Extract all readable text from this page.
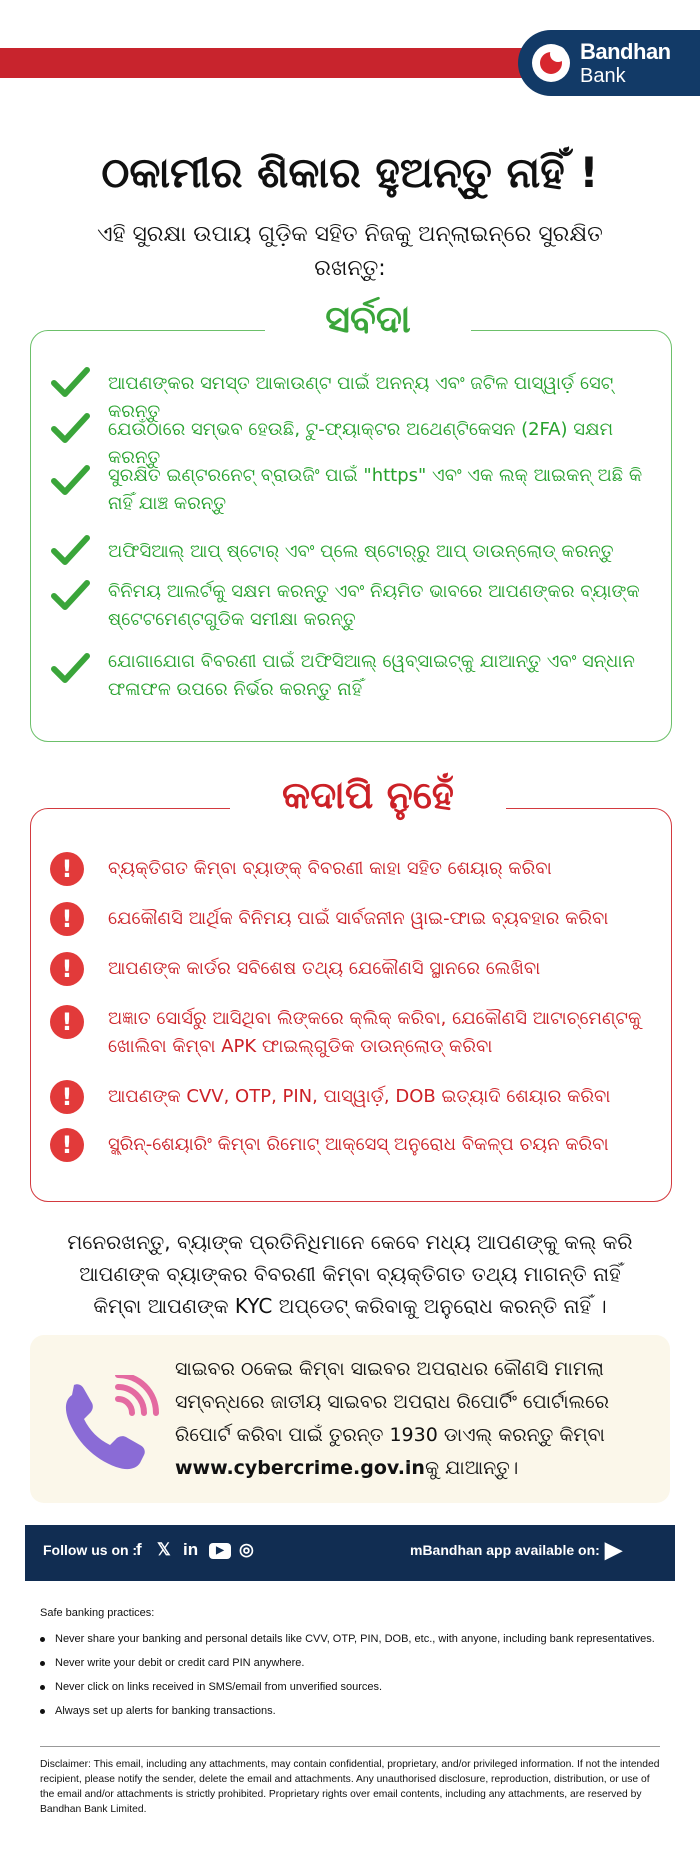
Bandhan
Bank
ଠକାମୀର ଶିକାର ହୁଅନ୍ତୁ ନାହିଁ !
ଏହି ସୁରକ୍ଷା ଉପାୟ ଗୁଡ଼ିକ ସହିତ ନିଜକୁ ଅନ୍‌ଲାଇନ୍‌ରେ ସୁରକ୍ଷିତ ରଖନ୍ତୁ:
ସର୍ବଦା
ଆପଣଙ୍କର ସମସ୍ତ ଆକାଉଣ୍ଟ ପାଇଁ ଅନନ୍ୟ ଏବଂ ଜଟିଳ ପାସ୍‌ୱାର୍ଡ଼ ସେଟ୍ କରନ୍ତୁ
ଯେଉଁଠାରେ ସମ୍ଭବ ହେଉଛି, ଟୁ-ଫ୍ୟାକ୍ଟର ଅଥେଣ୍ଟିକେସନ (2FA) ସକ୍ଷମ କରନ୍ତୁ
ସୁରକ୍ଷିତ ଇଣ୍ଟରନେଟ୍ ବ୍ରାଉଜିଂ ପାଇଁ "https" ଏବଂ ଏକ ଲକ୍ ଆଇକନ୍ ଅଛି କି ନାହିଁ ଯାଞ୍ଚ କରନ୍ତୁ
ଅଫିସିଆଲ୍ ଆପ୍ ଷ୍ଟୋର୍ ଏବଂ ପ୍ଲେ ଷ୍ଟୋର୍‌ରୁ ଆପ୍ ଡାଉନ୍‌ଲୋଡ୍ କରନ୍ତୁ
ବିନିମୟ ଆଲର୍ଟକୁ ସକ୍ଷମ କରନ୍ତୁ ଏବଂ ନିୟମିତ ଭାବରେ ଆପଣଙ୍କର ବ୍ୟାଙ୍କ ଷ୍ଟେଟମେଣ୍ଟଗୁଡିକ ସମୀକ୍ଷା କରନ୍ତୁ
ଯୋଗାଯୋଗ ବିବରଣୀ ପାଇଁ ଅଫିସିଆଲ୍ ୱେବ୍‌ସାଇଟ୍‌କୁ ଯାଆନ୍ତୁ ଏବଂ ସନ୍ଧାନ ଫଳାଫଳ ଉପରେ ନିର୍ଭର କରନ୍ତୁ ନାହିଁ
କଦାପି ନୁହେଁ
!	ବ୍ୟକ୍ତିଗତ କିମ୍ବା ବ୍ୟାଙ୍କ୍ ବିବରଣୀ କାହା ସହିତ ଶେୟାର୍ କରିବା
!	ଯେକୌଣସି ଆର୍ଥିକ ବିନିମୟ ପାଇଁ ସାର୍ବଜନୀନ ୱାଇ-ଫାଇ ବ୍ୟବହାର କରିବା
!	ଆପଣଙ୍କ କାର୍ଡର ସବିଶେଷ ତଥ୍ୟ ଯେକୌଣସି ସ୍ଥାନରେ ଲେଖିବା
!	ଅଜ୍ଞାତ ସୋର୍ସରୁ ଆସିଥିବା ଲିଙ୍କରେ କ୍ଲିକ୍ କରିବା, ଯେକୌଣସି ଆଟାଚ୍‌ମେଣ୍ଟକୁ ଖୋଲିବା କିମ୍ବା APK ଫାଇଲ୍‌ଗୁଡିକ ଡାଉନ୍‌ଲୋଡ୍ କରିବା
!	ଆପଣଙ୍କ CVV, OTP, PIN, ପାସ୍‌ୱାର୍ଡ଼, DOB ଇତ୍ୟାଦି ଶେୟାର କରିବା
!	ସ୍କ୍ରିନ୍-ଶେୟାରିଂ କିମ୍ବା ରିମୋଟ୍ ଆକ୍ସେସ୍ ଅନୁରୋଧ ବିକଳ୍ପ ଚୟନ କରିବା
ମନେରଖନ୍ତୁ, ବ୍ୟାଙ୍କ ପ୍ରତିନିଧିମାନେ କେବେ ମଧ୍ୟ ଆପଣଙ୍କୁ କଲ୍ କରି ଆପଣଙ୍କ ବ୍ୟାଙ୍କର ବିବରଣୀ କିମ୍ବା ବ୍ୟକ୍ତିଗତ ତଥ୍ୟ ମାଗନ୍ତି ନାହିଁ କିମ୍ବା ଆପଣଙ୍କ KYC ଅପ୍‌ଡେଟ୍ କରିବାକୁ ଅନୁରୋଧ କରନ୍ତି ନାହିଁ ।
ସାଇବର ଠକେଇ କିମ୍ବା ସାଇବର ଅପରାଧର କୌଣସି ମାମଲା ସମ୍ବନ୍ଧରେ ଜାତୀୟ ସାଇବର ଅପରାଧ ରିପୋର୍ଟିଂ ପୋର୍ଟାଲରେ ରିପୋର୍ଟ କରିବା ପାଇଁ ତୁରନ୍ତ 1930 ଡାଏଲ୍ କରନ୍ତୁ କିମ୍ବା www.cybercrime.gov.inକୁ ଯାଆନ୍ତୁ।
Follow us on :
f 𝕏 in	▶ ◎	mBandhan app available on: ▶
Safe banking practices:
Never share your banking and personal details like CVV, OTP, PIN, DOB, etc., with anyone, including bank representatives.
Never write your debit or credit card PIN anywhere.
Never click on links received in SMS/email from unverified sources.
Always set up alerts for banking transactions.
Disclaimer: This email, including any attachments, may contain confidential, proprietary, and/or privileged information. If not the intended recipient, please notify the sender, delete the email and attachments. Any unauthorised disclosure, reproduction, distribution, or use of the email and/or attachments is strictly prohibited. Proprietary rights over email contents, including any attachments, are reserved by Bandhan Bank Limited.
